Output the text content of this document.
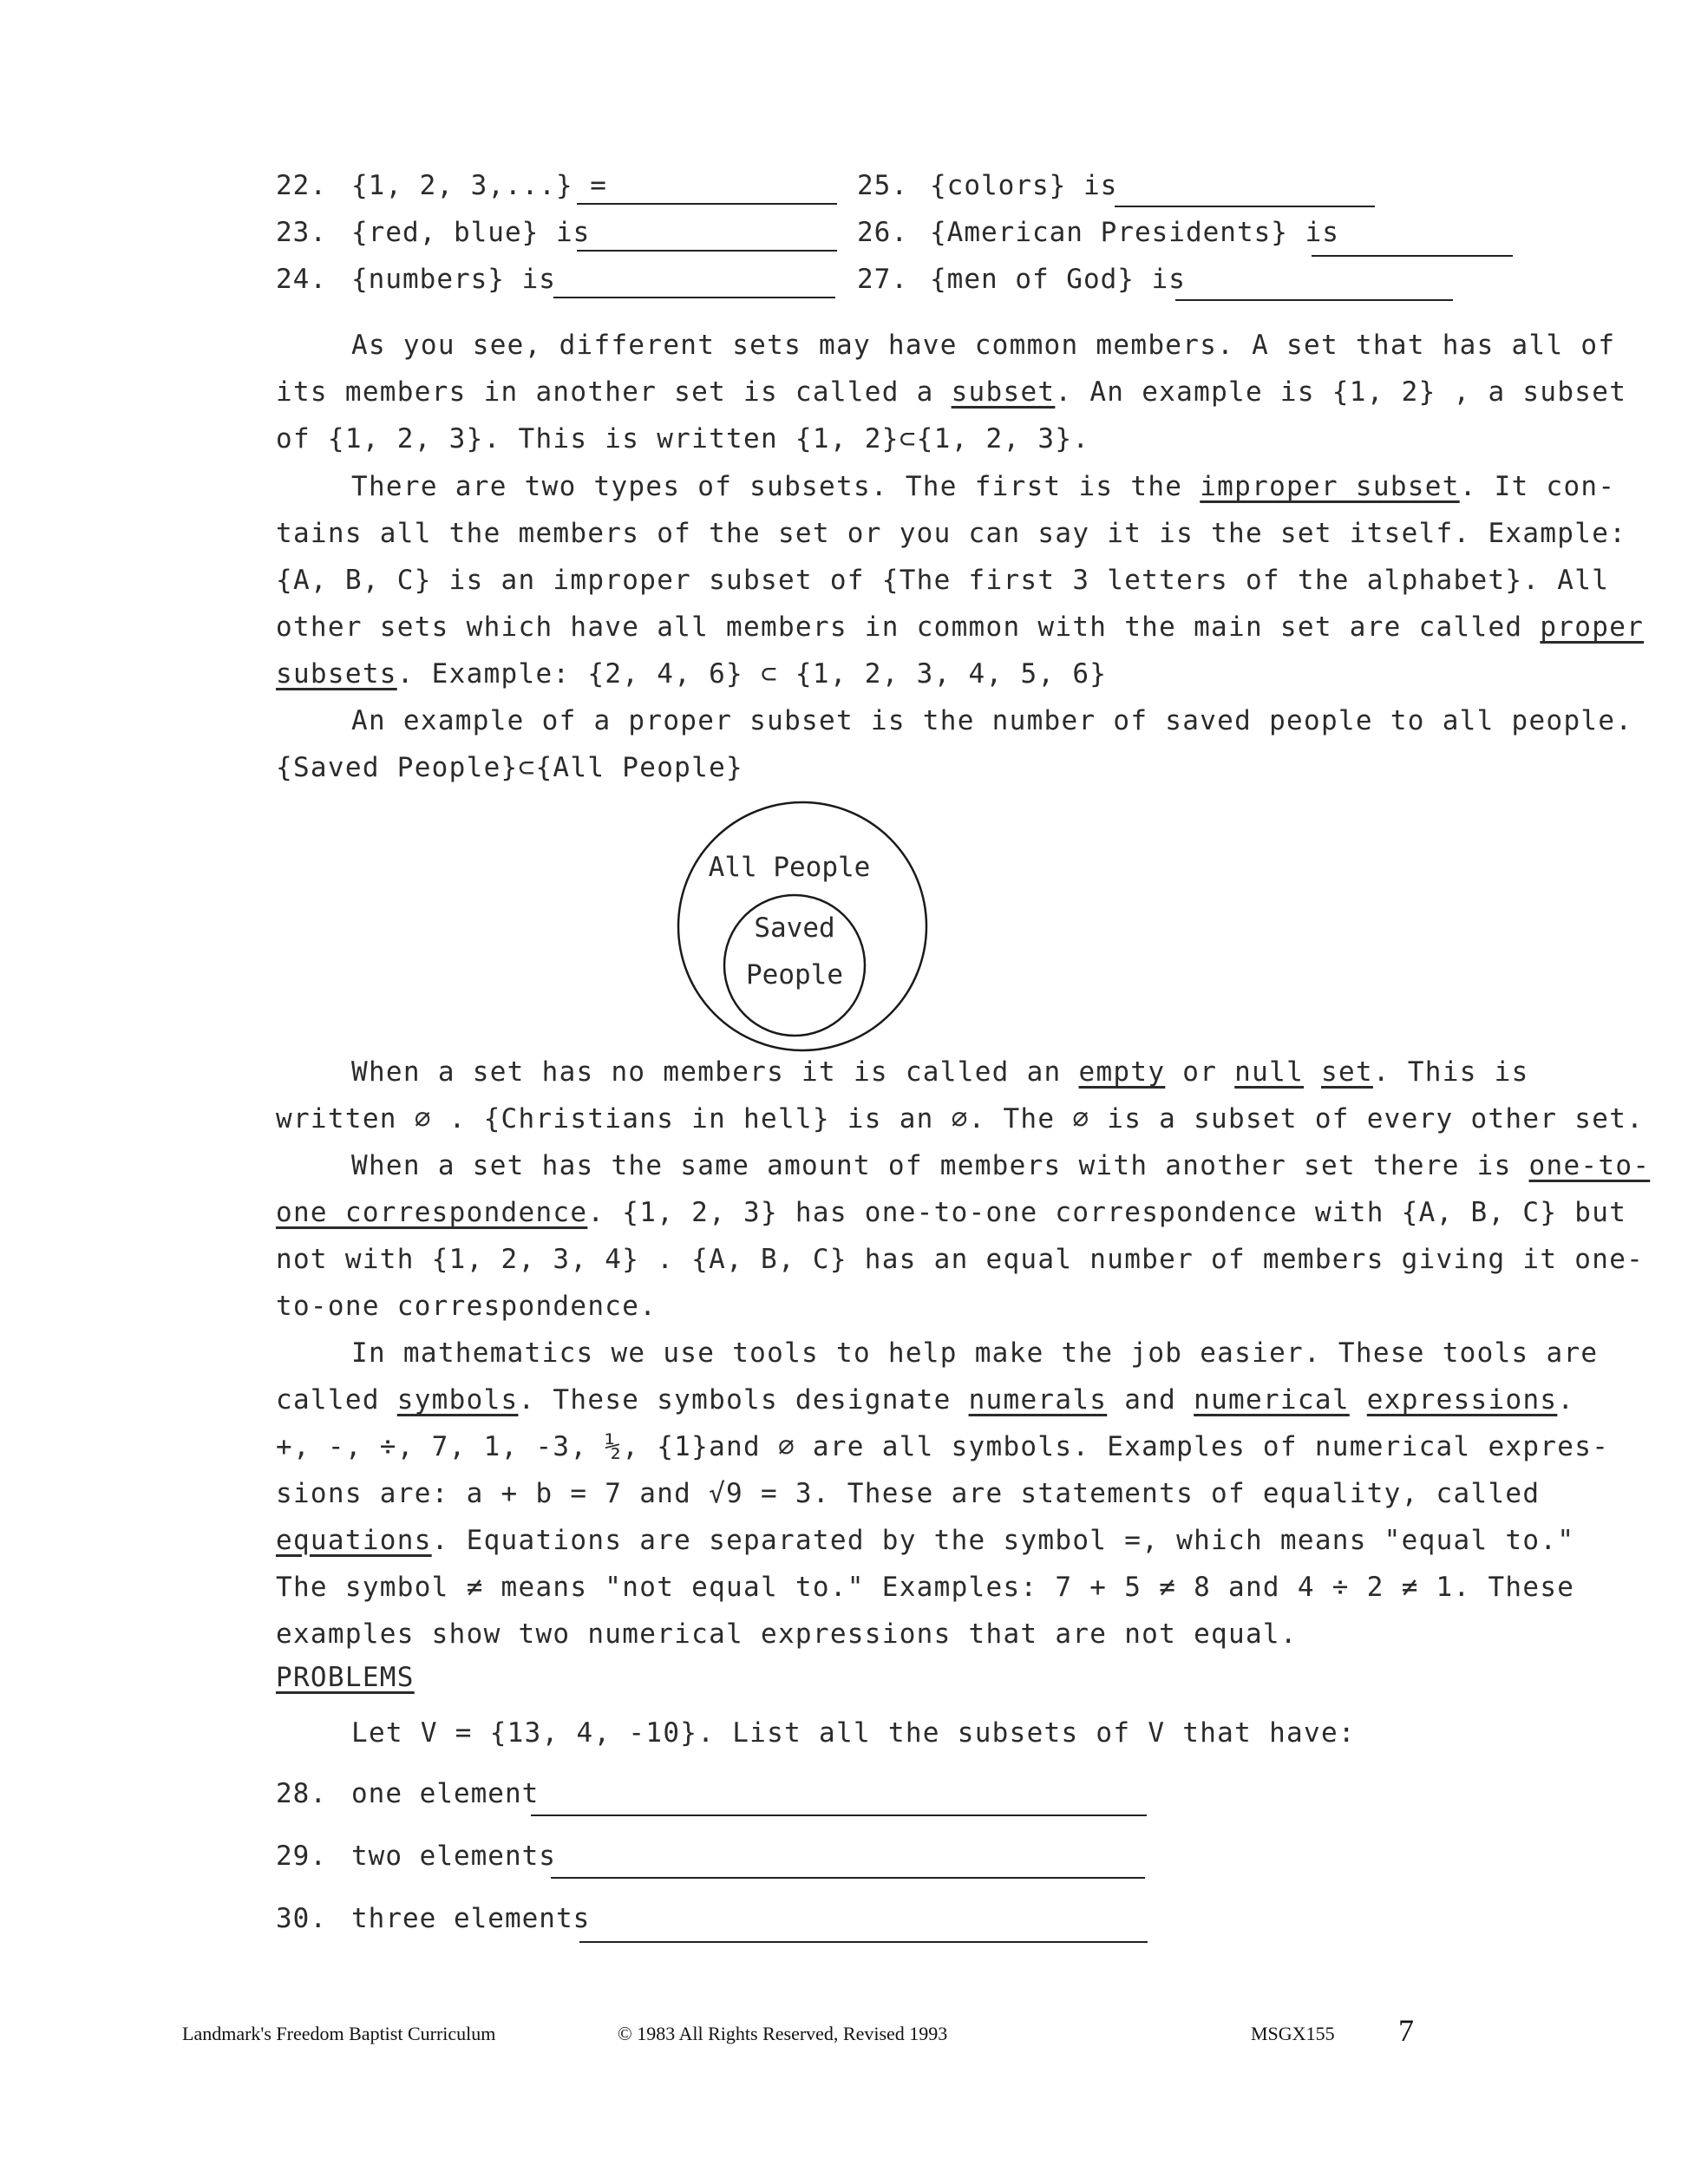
22. {1, 2, 3,...} =
23. {red, blue} is
24. {numbers} is
25. {colors} is
26. {American Presidents} is
27. {men of God} is
As you see, different sets may have common members. A set that has all of
its members in another set is called a subset. An example is {1, 2} , a subset
of {1, 2, 3}. This is written {1, 2}⊂{1, 2, 3}.
There are two types of subsets. The first is the improper subset. It con-
tains all the members of the set or you can say it is the set itself. Example:
{A, B, C} is an improper subset of {The first 3 letters of the alphabet}. All
other sets which have all members in common with the main set are called proper
subsets. Example: {2, 4, 6} ⊂ {1, 2, 3, 4, 5, 6}
An example of a proper subset is the number of saved people to all people.
{Saved People}⊂{All People}
All People
Saved
People
When a set has no members it is called an empty or null set. This is
written ∅ . {Christians in hell} is an ∅. The ∅ is a subset of every other set.
When a set has the same amount of members with another set there is one-to-
one correspondence. {1, 2, 3} has one-to-one correspondence with {A, B, C} but
not with {1, 2, 3, 4} . {A, B, C} has an equal number of members giving it one-
to-one correspondence.
In mathematics we use tools to help make the job easier. These tools are
called symbols. These symbols designate numerals and numerical expressions.
+, -, ÷, 7, 1, -3, ½, {1}and ∅ are all symbols. Examples of numerical expres-
sions are: a + b = 7 and √9 = 3. These are statements of equality, called
equations. Equations are separated by the symbol =, which means "equal to."
The symbol ≠ means "not equal to." Examples: 7 + 5 ≠ 8 and 4 ÷ 2 ≠ 1. These
examples show two numerical expressions that are not equal.
PROBLEMS
Let V = {13, 4, -10}. List all the subsets of V that have:
28. one element
29. two elements
30. three elements
Landmark's Freedom Baptist Curriculum	© 1983 All Rights Reserved, Revised 1993	MSGX155 7
